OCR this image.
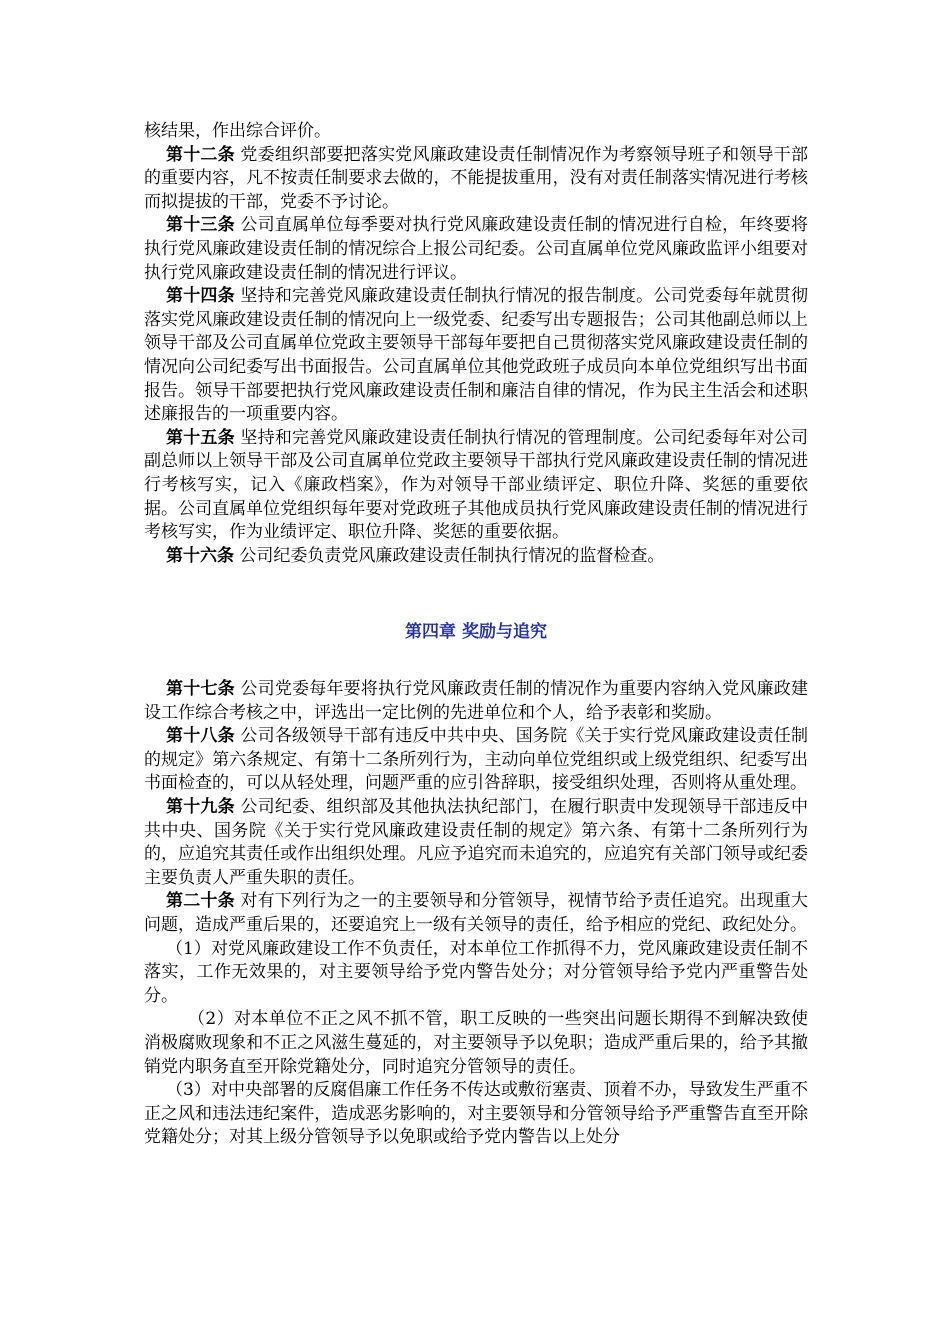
核结果，作出综合评价。

第十二条 党委组织部要把落实党风廉政建设责任制情况作为考察领导班子和领导干部的重要内容，凡不按责任制要求去做的，不能提拔重用，没有对责任制落实情况进行考核而拟提拔的干部，党委不予讨论。

第十三条 公司直属单位每季要对执行党风廉政建设责任制的情况进行自检，年终要将执行党风廉政建设责任制的情况综合上报公司纪委。公司直属单位党风廉政监评小组要对执行党风廉政建设责任制的情况进行评议。

第十四条 坚持和完善党风廉政建设责任制执行情况的报告制度。公司党委每年就贯彻落实党风廉政建设责任制的情况向上一级党委、纪委写出专题报告；公司其他副总师以上领导干部及公司直属单位党政主要领导干部每年要把自己贯彻落实党风廉政建设责任制的情况向公司纪委写出书面报告。公司直属单位其他党政班子成员向本单位党组织写出书面报告。领导干部要把执行党风廉政建设责任制和廉洁自律的情况，作为民主生活会和述职述廉报告的一项重要内容。

第十五条 坚持和完善党风廉政建设责任制执行情况的管理制度。公司纪委每年对公司副总师以上领导干部及公司直属单位党政主要领导干部执行党风廉政建设责任制的情况进行考核写实，记入《廉政档案》，作为对领导干部业绩评定、职位升降、奖惩的重要依据。公司直属单位党组织每年要对党政班子其他成员执行党风廉政建设责任制的情况进行考核写实，作为业绩评定、职位升降、奖惩的重要依据。

第十六条 公司纪委负责党风廉政建设责任制执行情况的监督检查。

第四章 奖励与追究

第十七条 公司党委每年要将执行党风廉政责任制的情况作为重要内容纳入党风廉政建设工作综合考核之中，评选出一定比例的先进单位和个人，给予表彰和奖励。

第十八条 公司各级领导干部有违反中共中央、国务院《关于实行党风廉政建设责任制的规定》第六条规定、有第十二条所列行为，主动向单位党组织或上级党组织、纪委写出书面检查的，可以从轻处理，问题严重的应引咎辞职，接受组织处理，否则将从重处理。

第十九条 公司纪委、组织部及其他执法执纪部门，在履行职责中发现领导干部违反中共中央、国务院《关于实行党风廉政建设责任制的规定》第六条、有第十二条所列行为的，应追究其责任或作出组织处理。凡应予追究而未追究的，应追究有关部门领导或纪委主要负责人严重失职的责任。

第二十条 对有下列行为之一的主要领导和分管领导，视情节给予责任追究。出现重大问题，造成严重后果的，还要追究上一级有关领导的责任，给予相应的党纪、政纪处分。

（1）对党风廉政建设工作不负责任，对本单位工作抓得不力，党风廉政建设责任制不落实，工作无效果的，对主要领导给予党内警告处分；对分管领导给予党内严重警告处分。

（2）对本单位不正之风不抓不管，职工反映的一些突出问题长期得不到解决致使消极腐败现象和不正之风滋生蔓延的，对主要领导予以免职；造成严重后果的，给予其撤销党内职务直至开除党籍处分，同时追究分管领导的责任。

（3）对中央部署的反腐倡廉工作任务不传达或敷衍塞责、顶着不办，导致发生严重不正之风和违法违纪案件，造成恶劣影响的，对主要领导和分管领导给予严重警告直至开除党籍处分；对其上级分管领导予以免职或给予党内警告以上处分
